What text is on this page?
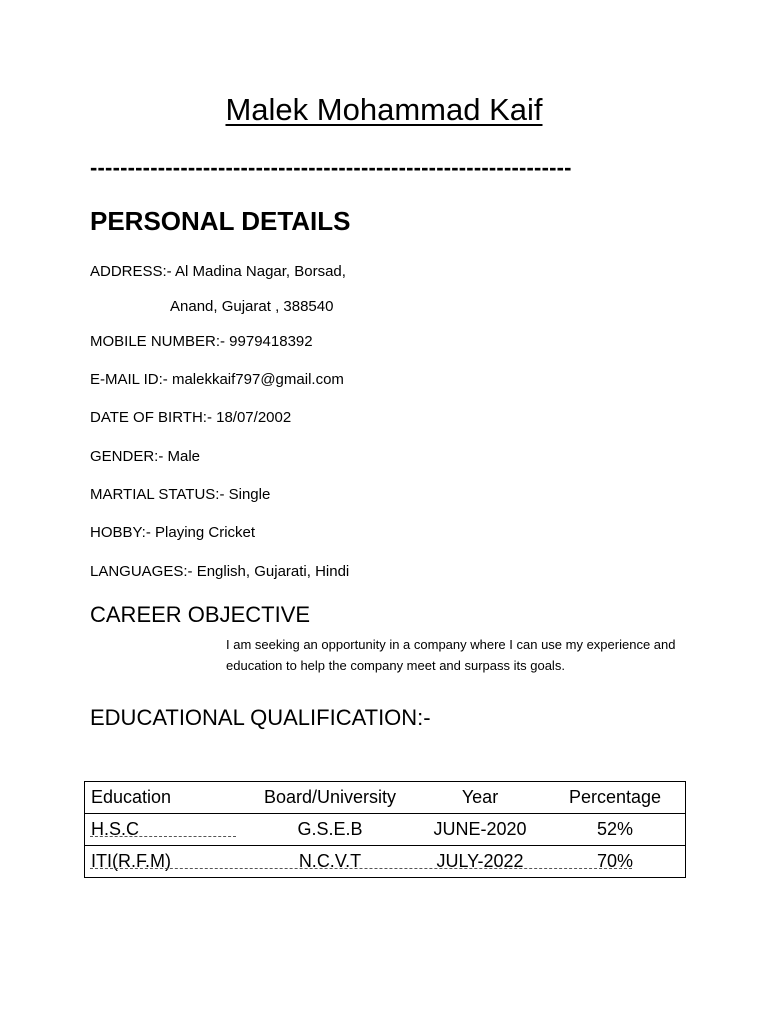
Malek Mohammad Kaif
----------------------------------------------------------------
PERSONAL DETAILS
ADDRESS:- Al Madina Nagar, Borsad,
Anand, Gujarat , 388540
MOBILE NUMBER:- 9979418392
E-MAIL ID:- malekkaif797@gmail.com
DATE OF BIRTH:- 18/07/2002
GENDER:- Male
MARTIAL STATUS:- Single
HOBBY:- Playing Cricket
LANGUAGES:- English, Gujarati, Hindi
CAREER OBJECTIVE
I am seeking an opportunity in a company where I can use my experience and education to help the company meet and surpass its goals.
EDUCATIONAL QUALIFICATION:-
Education	Board/University	Year	Percentage
H.S.C	G.S.E.B	JUNE-2020	52%
ITI(R.F.M)	N.C.V.T	JULY-2022	70%
